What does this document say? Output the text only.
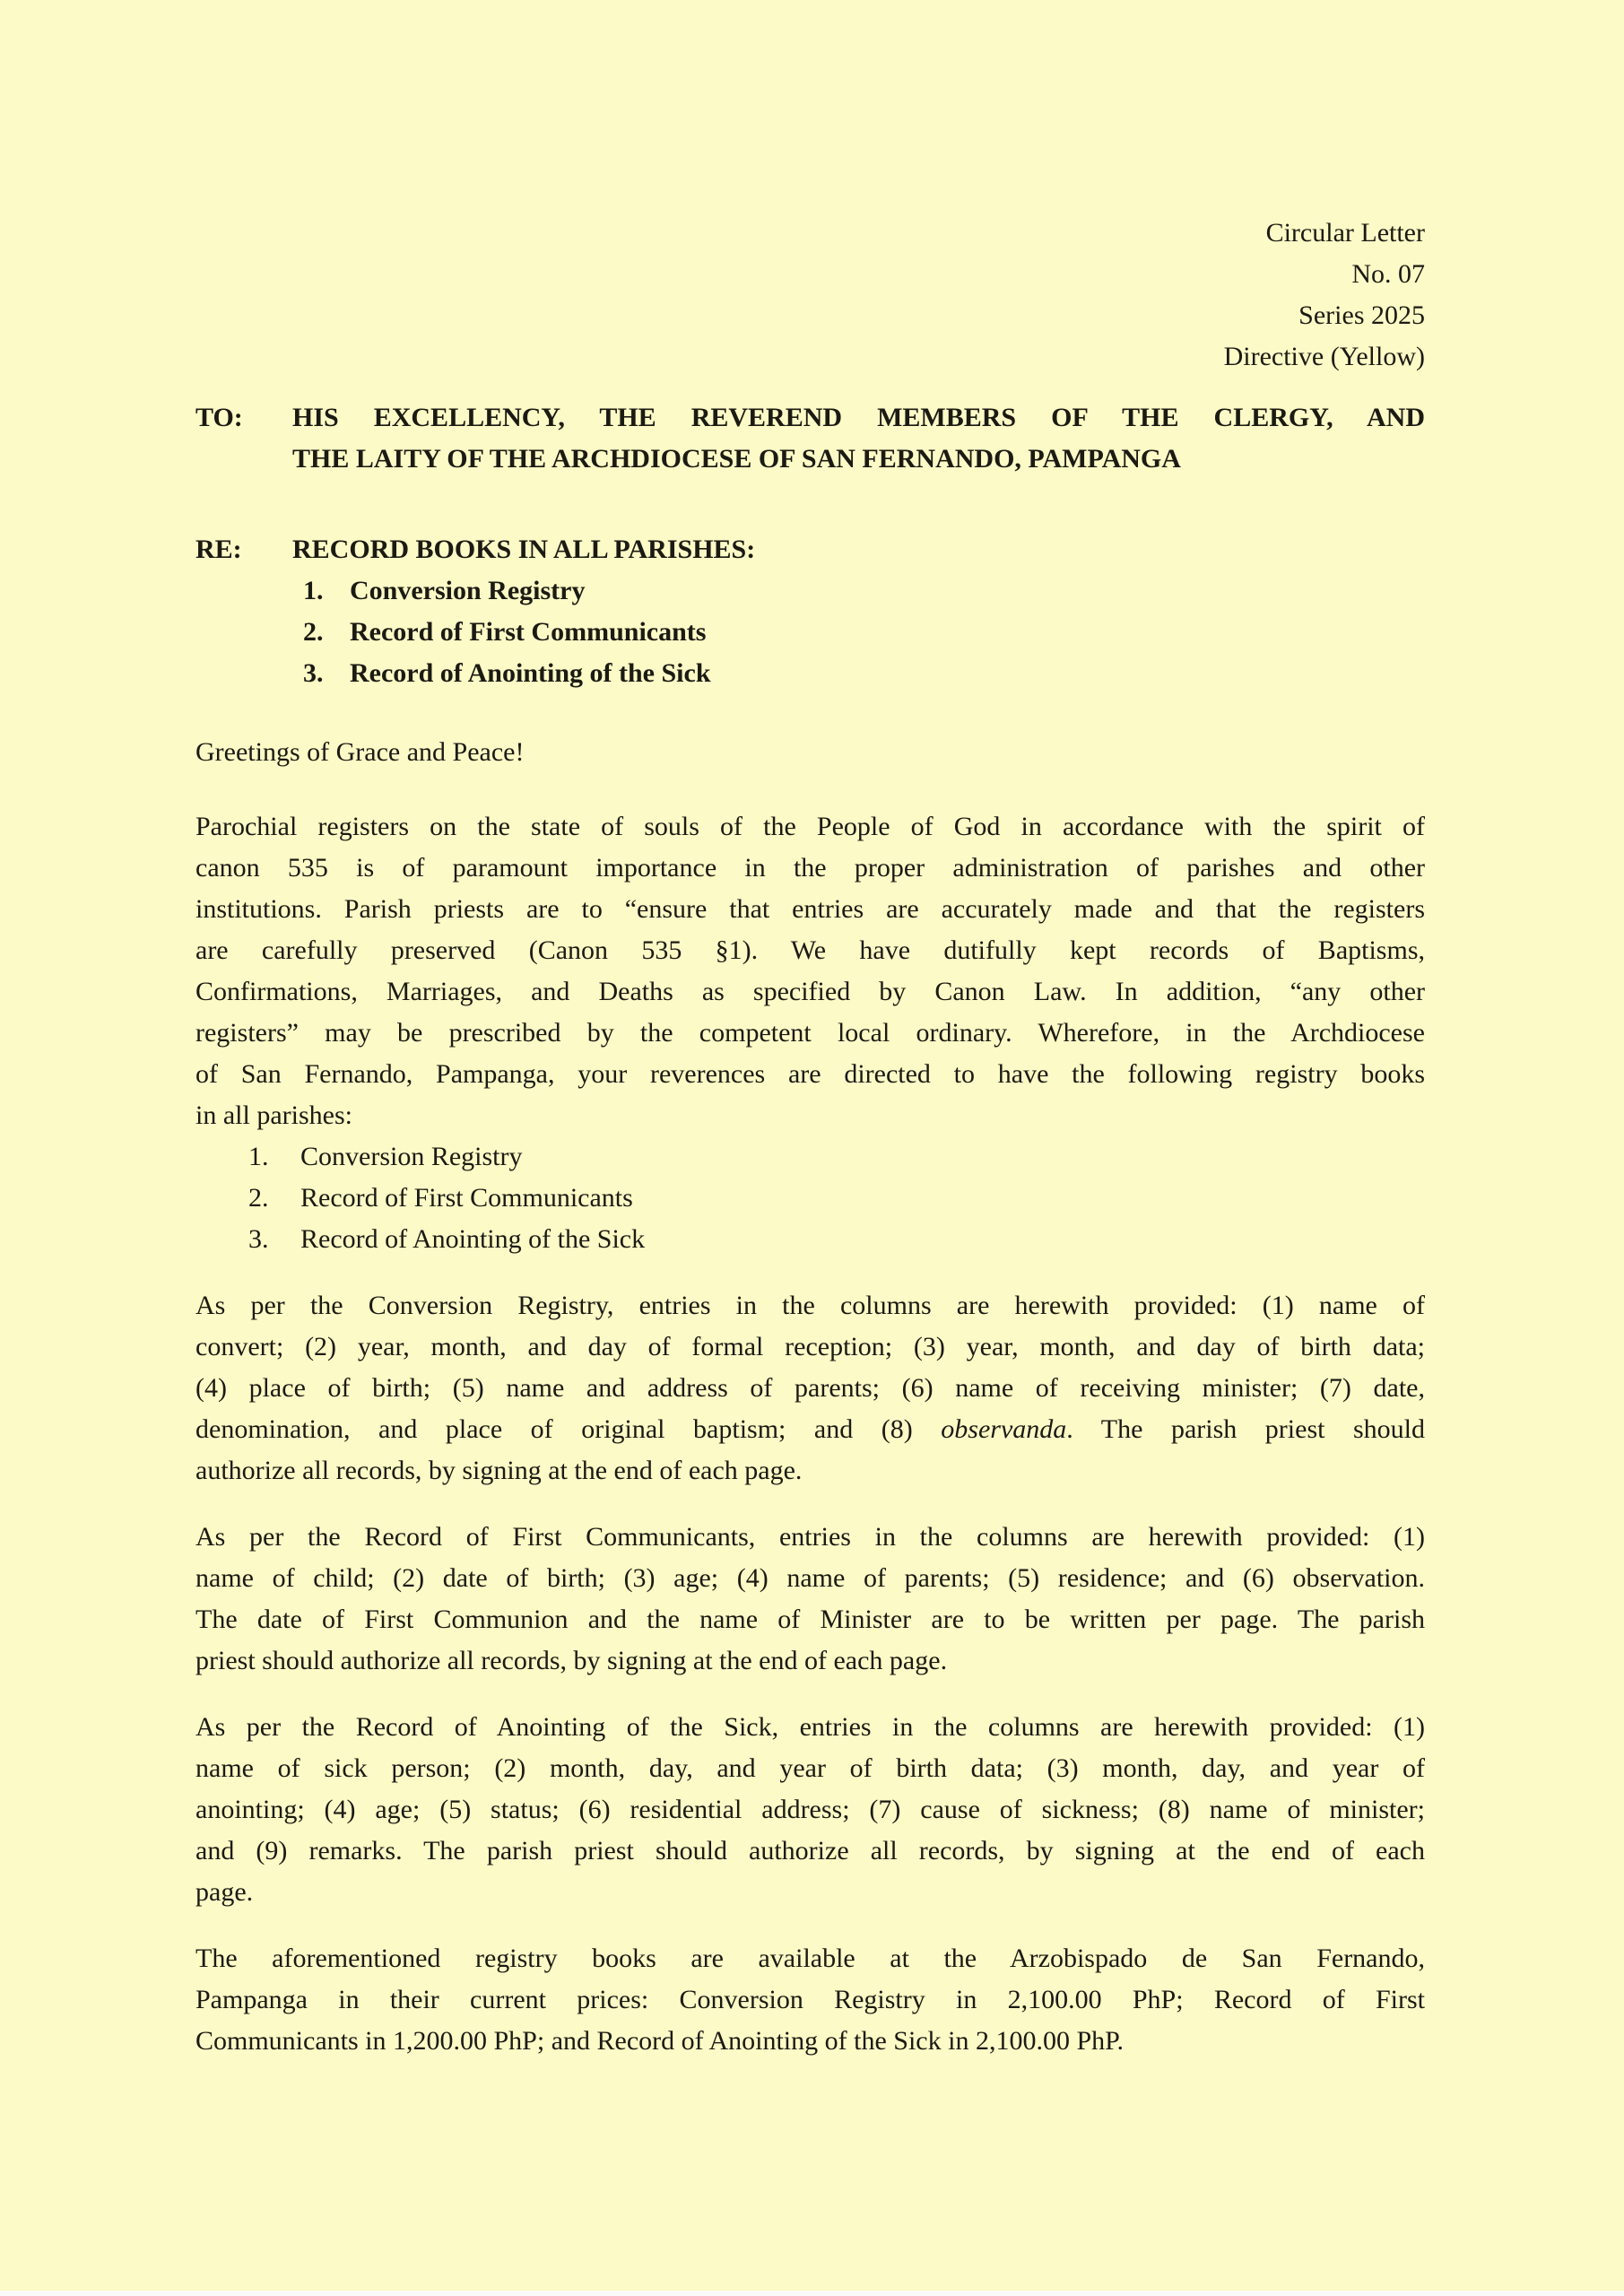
Circular Letter
No. 07
Series 2025
Directive (Yellow)
TO:	HIS EXCELLENCY, THE REVEREND MEMBERS OF THE CLERGY, AND
THE LAITY OF THE ARCHDIOCESE OF SAN FERNANDO, PAMPANGA
RE:	RECORD BOOKS IN ALL PARISHES:
1. Conversion Registry
2. Record of First Communicants
3. Record of Anointing of the Sick
Greetings of Grace and Peace!
Parochial registers on the state of souls of the People of God in accordance with the spirit of
canon 535 is of paramount importance in the proper administration of parishes and other
institutions. Parish priests are to “ensure that entries are accurately made and that the registers
are carefully preserved (Canon 535 §1). We have dutifully kept records of Baptisms,
Confirmations, Marriages, and Deaths as specified by Canon Law. In addition, “any other
registers” may be prescribed by the competent local ordinary. Wherefore, in the Archdiocese
of San Fernando, Pampanga, your reverences are directed to have the following registry books
in all parishes:
1.	Conversion Registry
2.	Record of First Communicants
3.	Record of Anointing of the Sick
As per the Conversion Registry, entries in the columns are herewith provided: (1) name of
convert; (2) year, month, and day of formal reception; (3) year, month, and day of birth data;
(4) place of birth; (5) name and address of parents; (6) name of receiving minister; (7) date,
denomination, and place of original baptism; and (8) observanda. The parish priest should
authorize all records, by signing at the end of each page.
As per the Record of First Communicants, entries in the columns are herewith provided: (1)
name of child; (2) date of birth; (3) age; (4) name of parents; (5) residence; and (6) observation.
The date of First Communion and the name of Minister are to be written per page. The parish
priest should authorize all records, by signing at the end of each page.
As per the Record of Anointing of the Sick, entries in the columns are herewith provided: (1)
name of sick person; (2) month, day, and year of birth data; (3) month, day, and year of
anointing; (4) age; (5) status; (6) residential address; (7) cause of sickness; (8) name of minister;
and (9) remarks. The parish priest should authorize all records, by signing at the end of each
page.
The aforementioned registry books are available at the Arzobispado de San Fernando,
Pampanga in their current prices: Conversion Registry in 2,100.00 PhP; Record of First
Communicants in 1,200.00 PhP; and Record of Anointing of the Sick in 2,100.00 PhP.
